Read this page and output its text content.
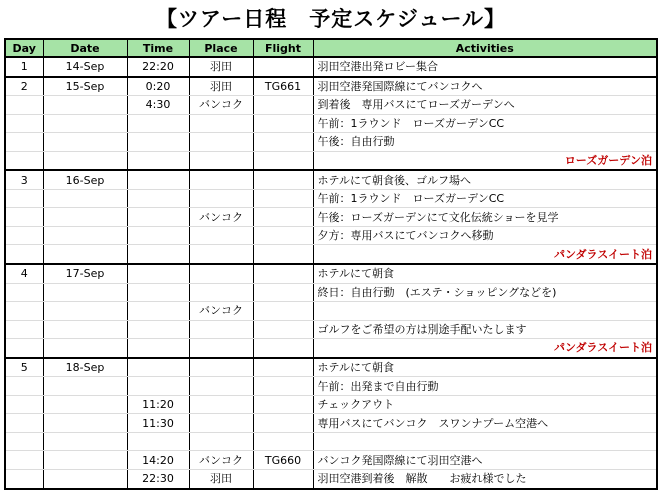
【ツアー日程　予定スケジュール】
Day	Date	Time	Place	Flight	Activities
1	14-Sep	22:20	羽田		羽田空港出発ロビー集合
2	15-Sep	0:20	羽田	TG661	羽田空港発国際線にてバンコクへ
		4:30	バンコク		到着後　専用バスにてローズガーデンへ
					午前：1ラウンド　ローズガーデンCC
					午後：自由行動
					ローズガーデン泊
3	16-Sep				ホテルにて朝食後、ゴルフ場へ
					午前：1ラウンド　ローズガーデンCC
			バンコク		午後：ローズガーデンにて文化伝統ショーを見学
					夕方：専用バスにてバンコクへ移動
					パンダラスイート泊
4	17-Sep				ホテルにて朝食
					終日：自由行動　(エステ・ショッピングなどを)
			バンコク		
					ゴルフをご希望の方は別途手配いたします
					パンダラスイート泊
5	18-Sep				ホテルにて朝食
					午前：出発まで自由行動
		11:20			チェックアウト
		11:30			専用バスにてバンコク　スワンナプーム空港へ

		14:20	バンコク	TG660	バンコク発国際線にて羽田空港へ
		22:30	羽田		羽田空港到着後　解散　　お疲れ様でした
